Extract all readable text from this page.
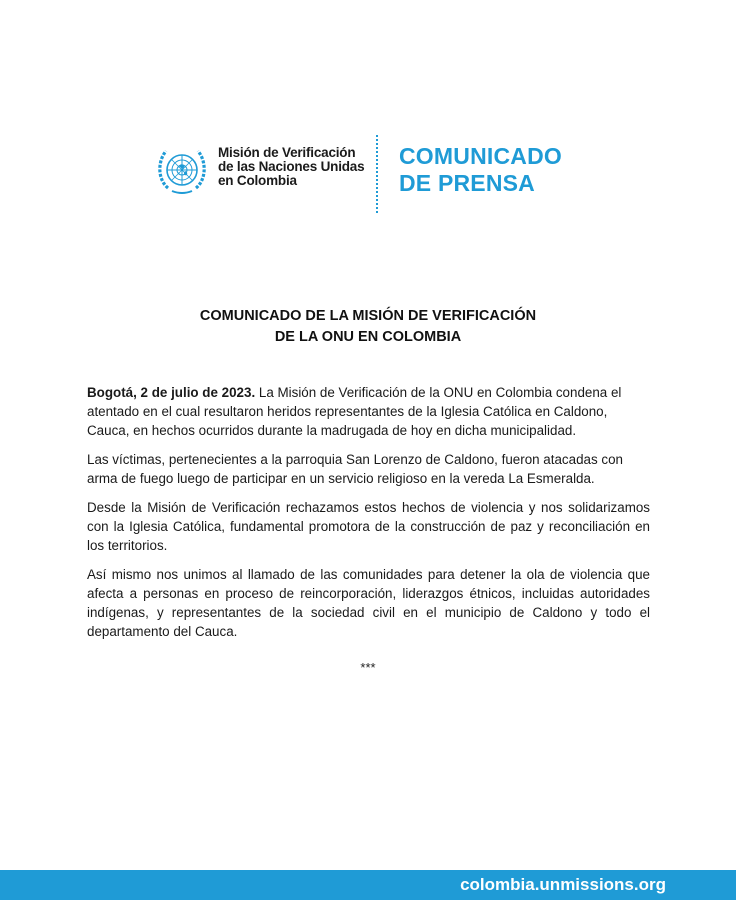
Misión de Verificación
de las Naciones Unidas
en Colombia
COMUNICADO
DE PRENSA
COMUNICADO DE LA MISIÓN DE VERIFICACIÓN
DE LA ONU EN COLOMBIA

Bogotá, 2 de julio de 2023. La Misión de Verificación de la ONU en Colombia condena el atentado en el cual resultaron heridos representantes de la Iglesia Católica en Caldono, Cauca, en hechos ocurridos durante la madrugada de hoy en dicha municipalidad.

Las víctimas, pertenecientes a la parroquia San Lorenzo de Caldono, fueron atacadas con arma de fuego luego de participar en un servicio religioso en la vereda La Esmeralda.

Desde la Misión de Verificación rechazamos estos hechos de violencia y nos solidarizamos con la Iglesia Católica, fundamental promotora de la construcción de paz y reconciliación en los territorios.

Así mismo nos unimos al llamado de las comunidades para detener la ola de violencia que afecta a personas en proceso de reincorporación, liderazgos étnicos, incluidas autoridades indígenas, y representantes de la sociedad civil en el municipio de Caldono y todo el departamento del Cauca.

***
colombia.unmissions.org
